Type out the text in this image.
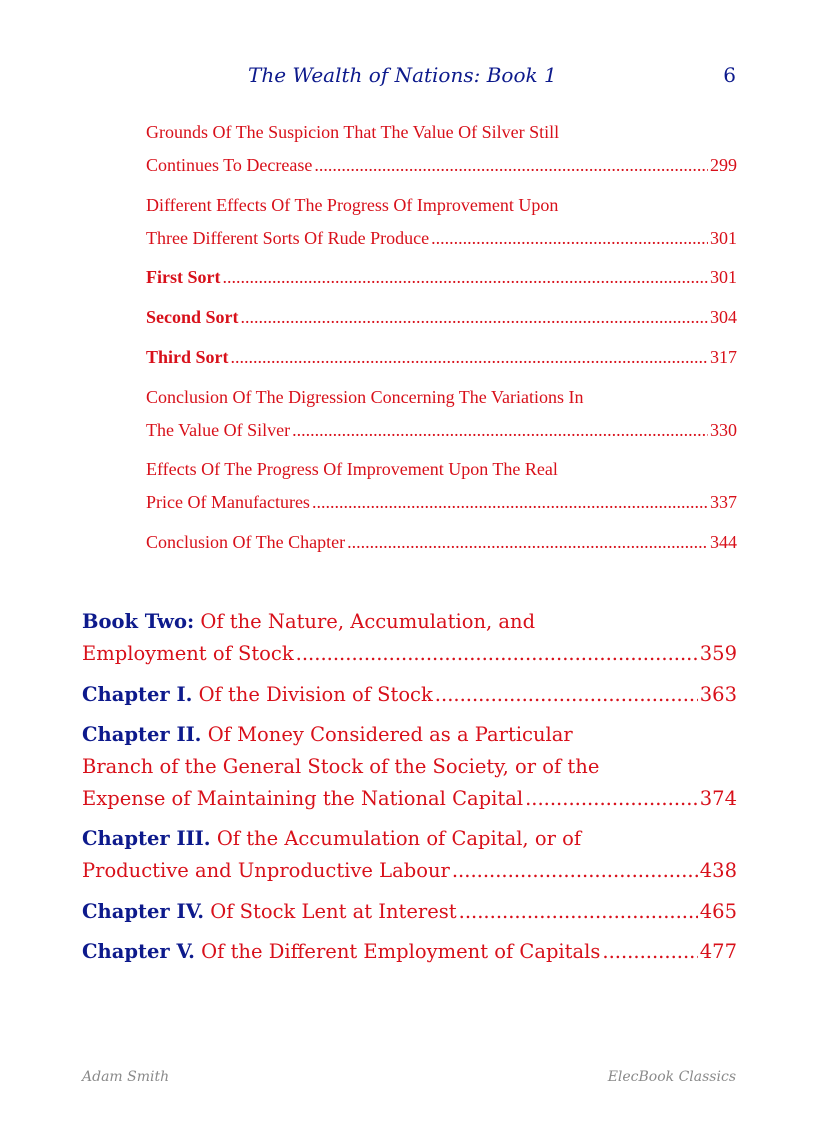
The Wealth of Nations: Book 1	6
Grounds Of The Suspicion That The Value Of Silver Still
Continues To Decrease .....	299
Different Effects Of The Progress Of Improvement Upon
Three Different Sorts Of Rude Produce .....	301
First Sort .....	301
Second Sort .....	304
Third Sort .....	317
Conclusion Of The Digression Concerning The Variations In
The Value Of Silver .....	330
Effects Of The Progress Of Improvement Upon The Real
Price Of Manufactures .....	337
Conclusion Of The Chapter .....	344
Book Two: Of the Nature, Accumulation, and
Employment of Stock .....	359
Chapter I. Of the Division of Stock .....	363
Chapter II. Of Money Considered as a Particular
Branch of the General Stock of the Society, or of the
Expense of Maintaining the National Capital .....	374
Chapter III. Of the Accumulation of Capital, or of
Productive and Unproductive Labour .....	438
Chapter IV. Of Stock Lent at Interest .....	465
Chapter V. Of the Different Employment of Capitals .....	477
Adam Smith	ElecBook Classics
